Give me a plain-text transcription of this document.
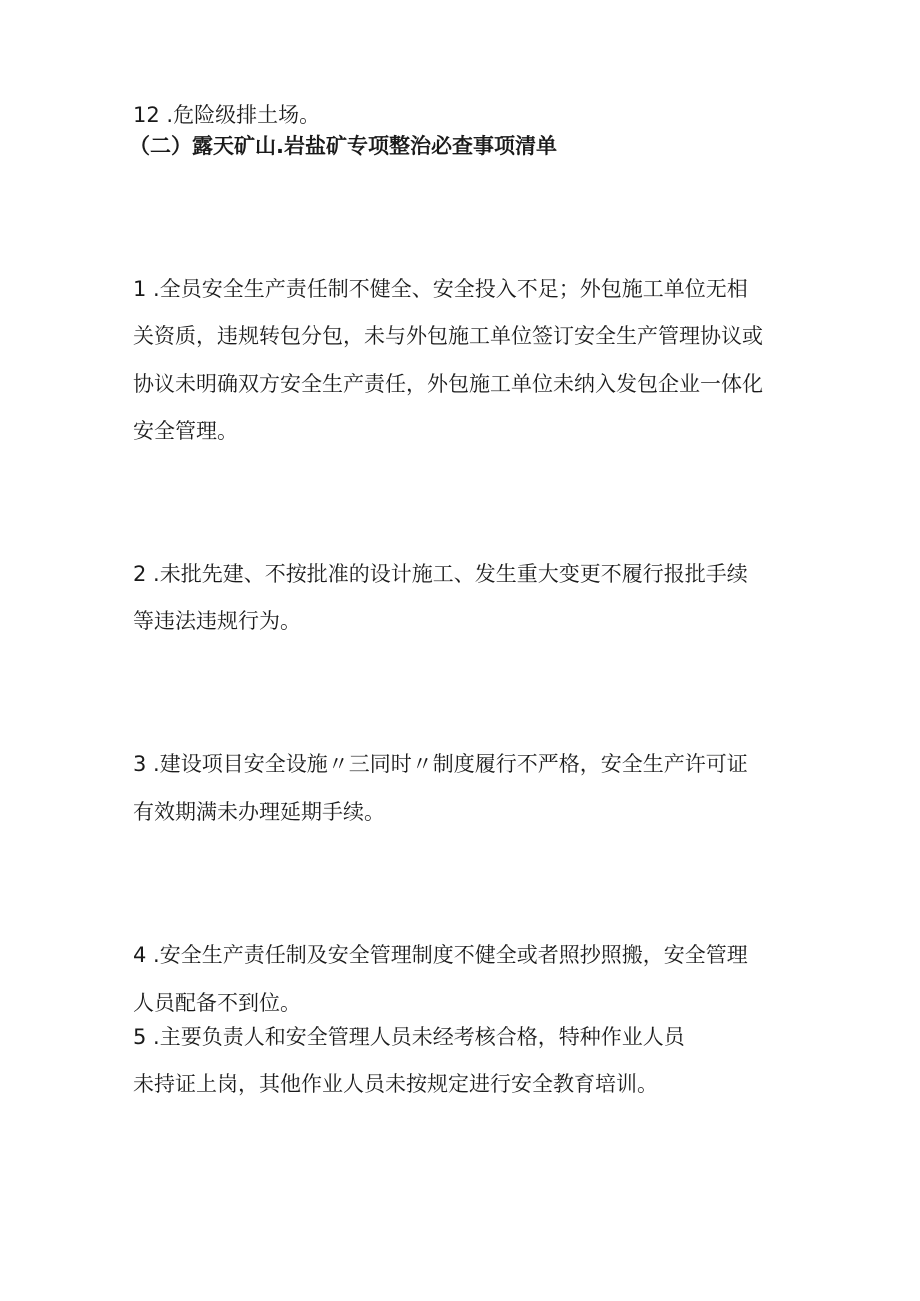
12 .危险级排土场。

（二）露天矿山.岩盐矿专项整治必查事项清单

1 .全员安全生产责任制不健全、安全投入不足；外包施工单位无相

关资质，违规转包分包，未与外包施工单位签订安全生产管理协议或

协议未明确双方安全生产责任，外包施工单位未纳入发包企业一体化

安全管理。

2 .未批先建、不按批准的设计施工、发生重大变更不履行报批手续

等违法违规行为。

3 .建设项目安全设施〃三同时〃制度履行不严格，安全生产许可证

有效期满未办理延期手续。

4 .安全生产责任制及安全管理制度不健全或者照抄照搬，安全管理

人员配备不到位。

5 .主要负责人和安全管理人员未经考核合格，特种作业人员

未持证上岗，其他作业人员未按规定进行安全教育培训。
